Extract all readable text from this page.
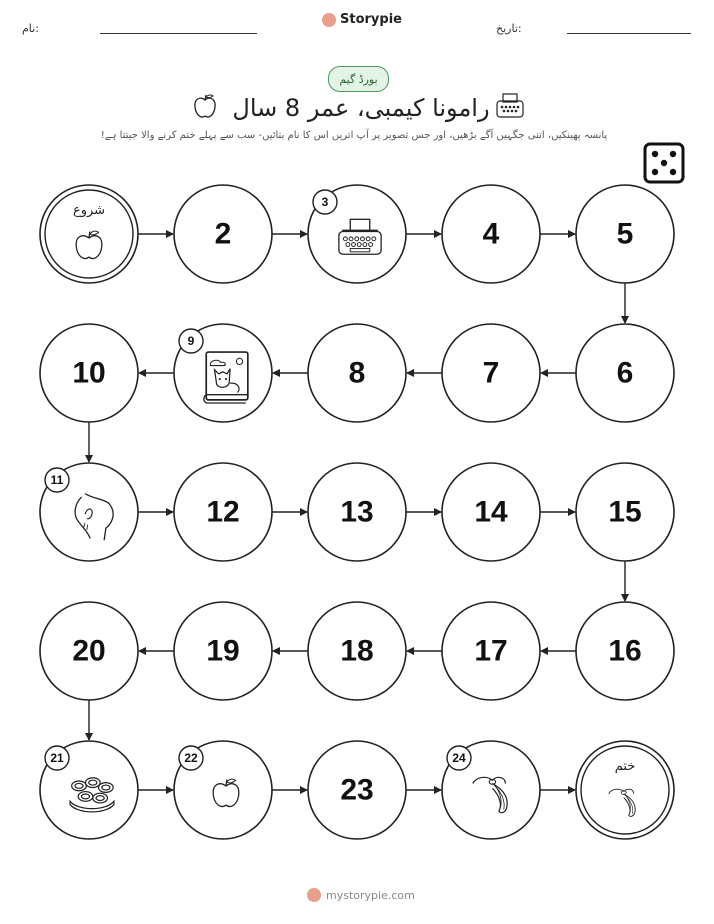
نام:
Storypie
تاریخ:
بورڈ گیم
رامونا کیمبی، عمر 8 سال
پانسہ پھینکیں، اتنی جگہیں آگے بڑھیں، اور جس تصویر پر آپ اتریں اس کا نام بتائیں- سب سے پہلے ختم کرنے والا جیتتا ہے!
شروع
2
3
4	5
6
7
8
9
10
11
12	13	14	15
16
17
18
19
20
21	22
23
24
ختم
mystorypie.com
